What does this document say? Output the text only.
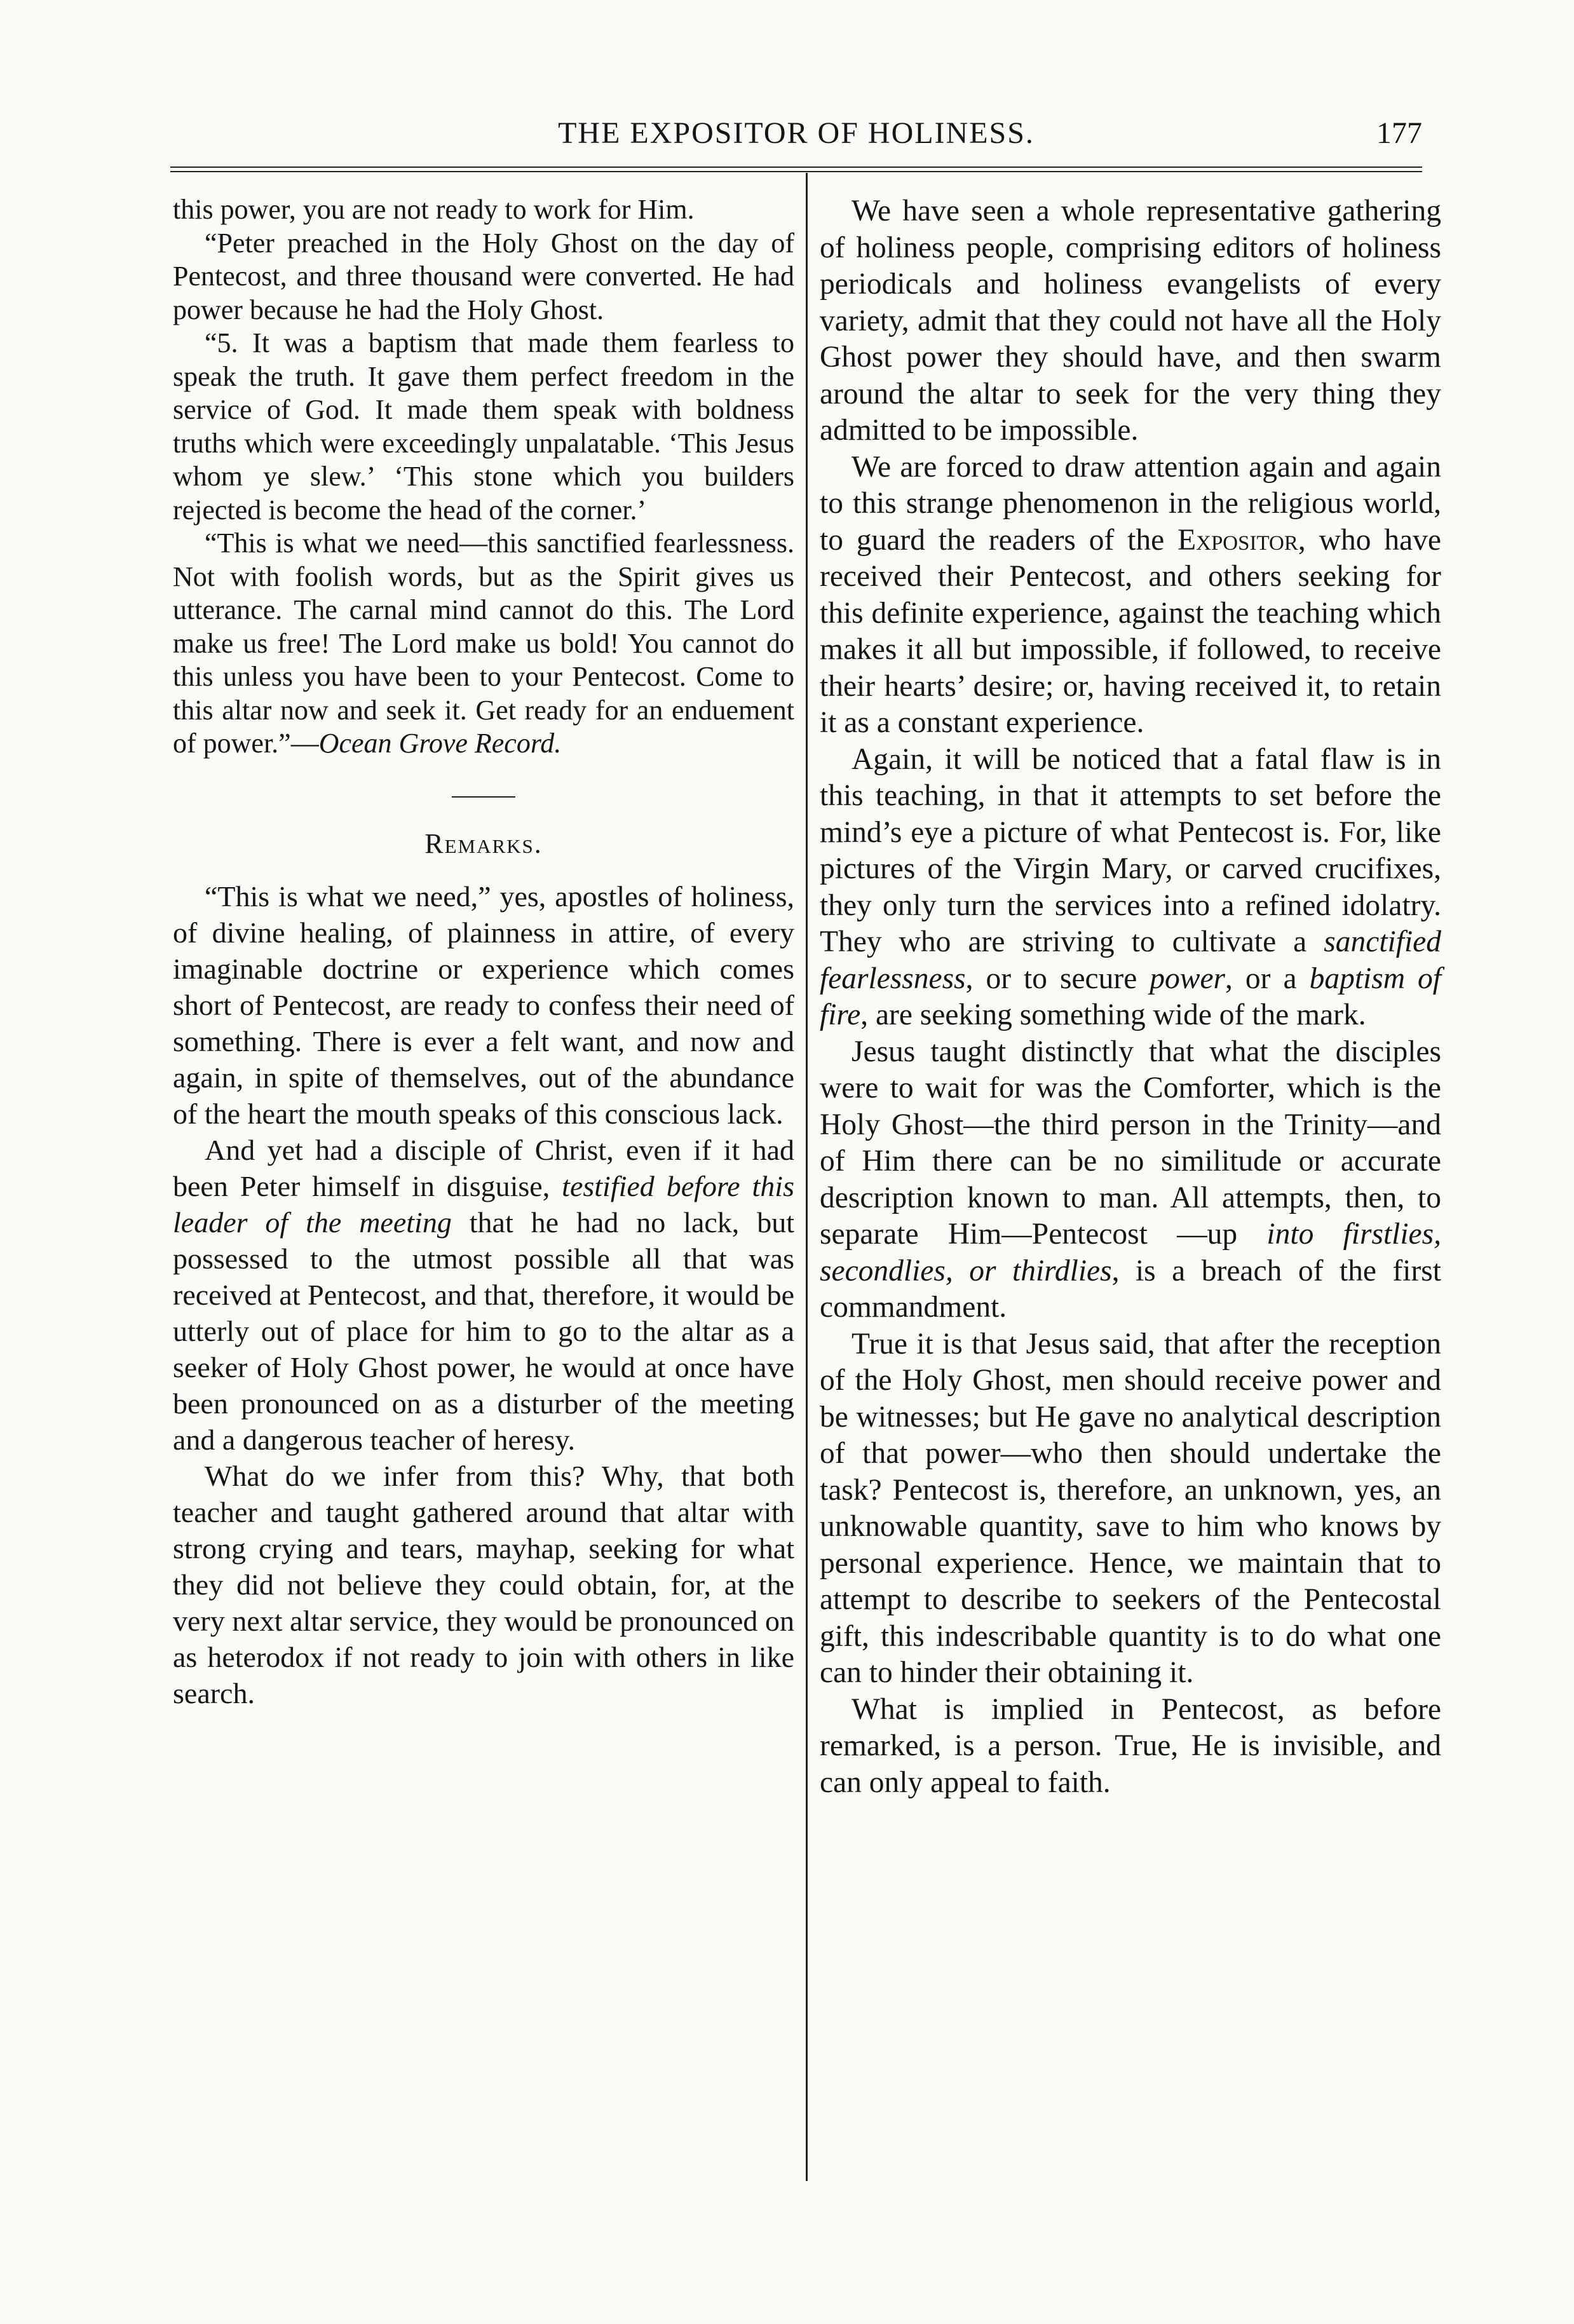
THE EXPOSITOR OF HOLINESS.	177

this power, you are not ready to work for Him.

“Peter preached in the Holy Ghost on the day of Pentecost, and three thousand were converted. He had power because he had the Holy Ghost.

“5. It was a baptism that made them fearless to speak the truth. It gave them perfect freedom in the service of God. It made them speak with boldness truths which were exceedingly unpalatable. ‘This Jesus whom ye slew.’ ‘This stone which you builders rejected is become the head of the corner.’

“This is what we need—this sanctified fearlessness. Not with foolish words, but as the Spirit gives us utterance. The carnal mind cannot do this. The Lord make us free! The Lord make us bold! You cannot do this unless you have been to your Pentecost. Come to this altar now and seek it. Get ready for an enduement of power.”—Ocean Grove Record.

Remarks.

“This is what we need,” yes, apostles of holiness, of divine healing, of plainness in attire, of every imaginable doctrine or experience which comes short of Pentecost, are ready to confess their need of something. There is ever a felt want, and now and again, in spite of themselves, out of the abundance of the heart the mouth speaks of this conscious lack.

And yet had a disciple of Christ, even if it had been Peter himself in disguise, testified before this leader of the meeting that he had no lack, but possessed to the utmost possible all that was received at Pentecost, and that, therefore, it would be utterly out of place for him to go to the altar as a seeker of Holy Ghost power, he would at once have been pronounced on as a disturber of the meeting and a dangerous teacher of heresy.

What do we infer from this? Why, that both teacher and taught gathered around that altar with strong crying and tears, mayhap, seeking for what they did not believe they could obtain, for, at the very next altar service, they would be pronounced on as heterodox if not ready to join with others in like search.

We have seen a whole representative gathering of holiness people, comprising editors of holiness periodicals and holiness evangelists of every variety, admit that they could not have all the Holy Ghost power they should have, and then swarm around the altar to seek for the very thing they admitted to be impossible.

We are forced to draw attention again and again to this strange phenomenon in the religious world, to guard the readers of the Expositor, who have received their Pentecost, and others seeking for this definite experience, against the teaching which makes it all but impossible, if followed, to receive their hearts’ desire; or, having received it, to retain it as a constant experience.

Again, it will be noticed that a fatal flaw is in this teaching, in that it attempts to set before the mind’s eye a picture of what Pentecost is. For, like pictures of the Virgin Mary, or carved crucifixes, they only turn the services into a refined idolatry. They who are striving to cultivate a sanctified fearlessness, or to secure power, or a baptism of fire, are seeking something wide of the mark.

Jesus taught distinctly that what the disciples were to wait for was the Comforter, which is the Holy Ghost—the third person in the Trinity—and of Him there can be no similitude or accurate description known to man. All attempts, then, to separate Him—Pentecost —up into firstlies, secondlies, or thirdlies, is a breach of the first commandment.

True it is that Jesus said, that after the reception of the Holy Ghost, men should receive power and be witnesses; but He gave no analytical description of that power—who then should undertake the task? Pentecost is, therefore, an unknown, yes, an unknowable quantity, save to him who knows by personal experience. Hence, we maintain that to attempt to describe to seekers of the Pentecostal gift, this indescribable quantity is to do what one can to hinder their obtaining it.

What is implied in Pentecost, as before remarked, is a person. True, He is invisible, and can only appeal to faith.
